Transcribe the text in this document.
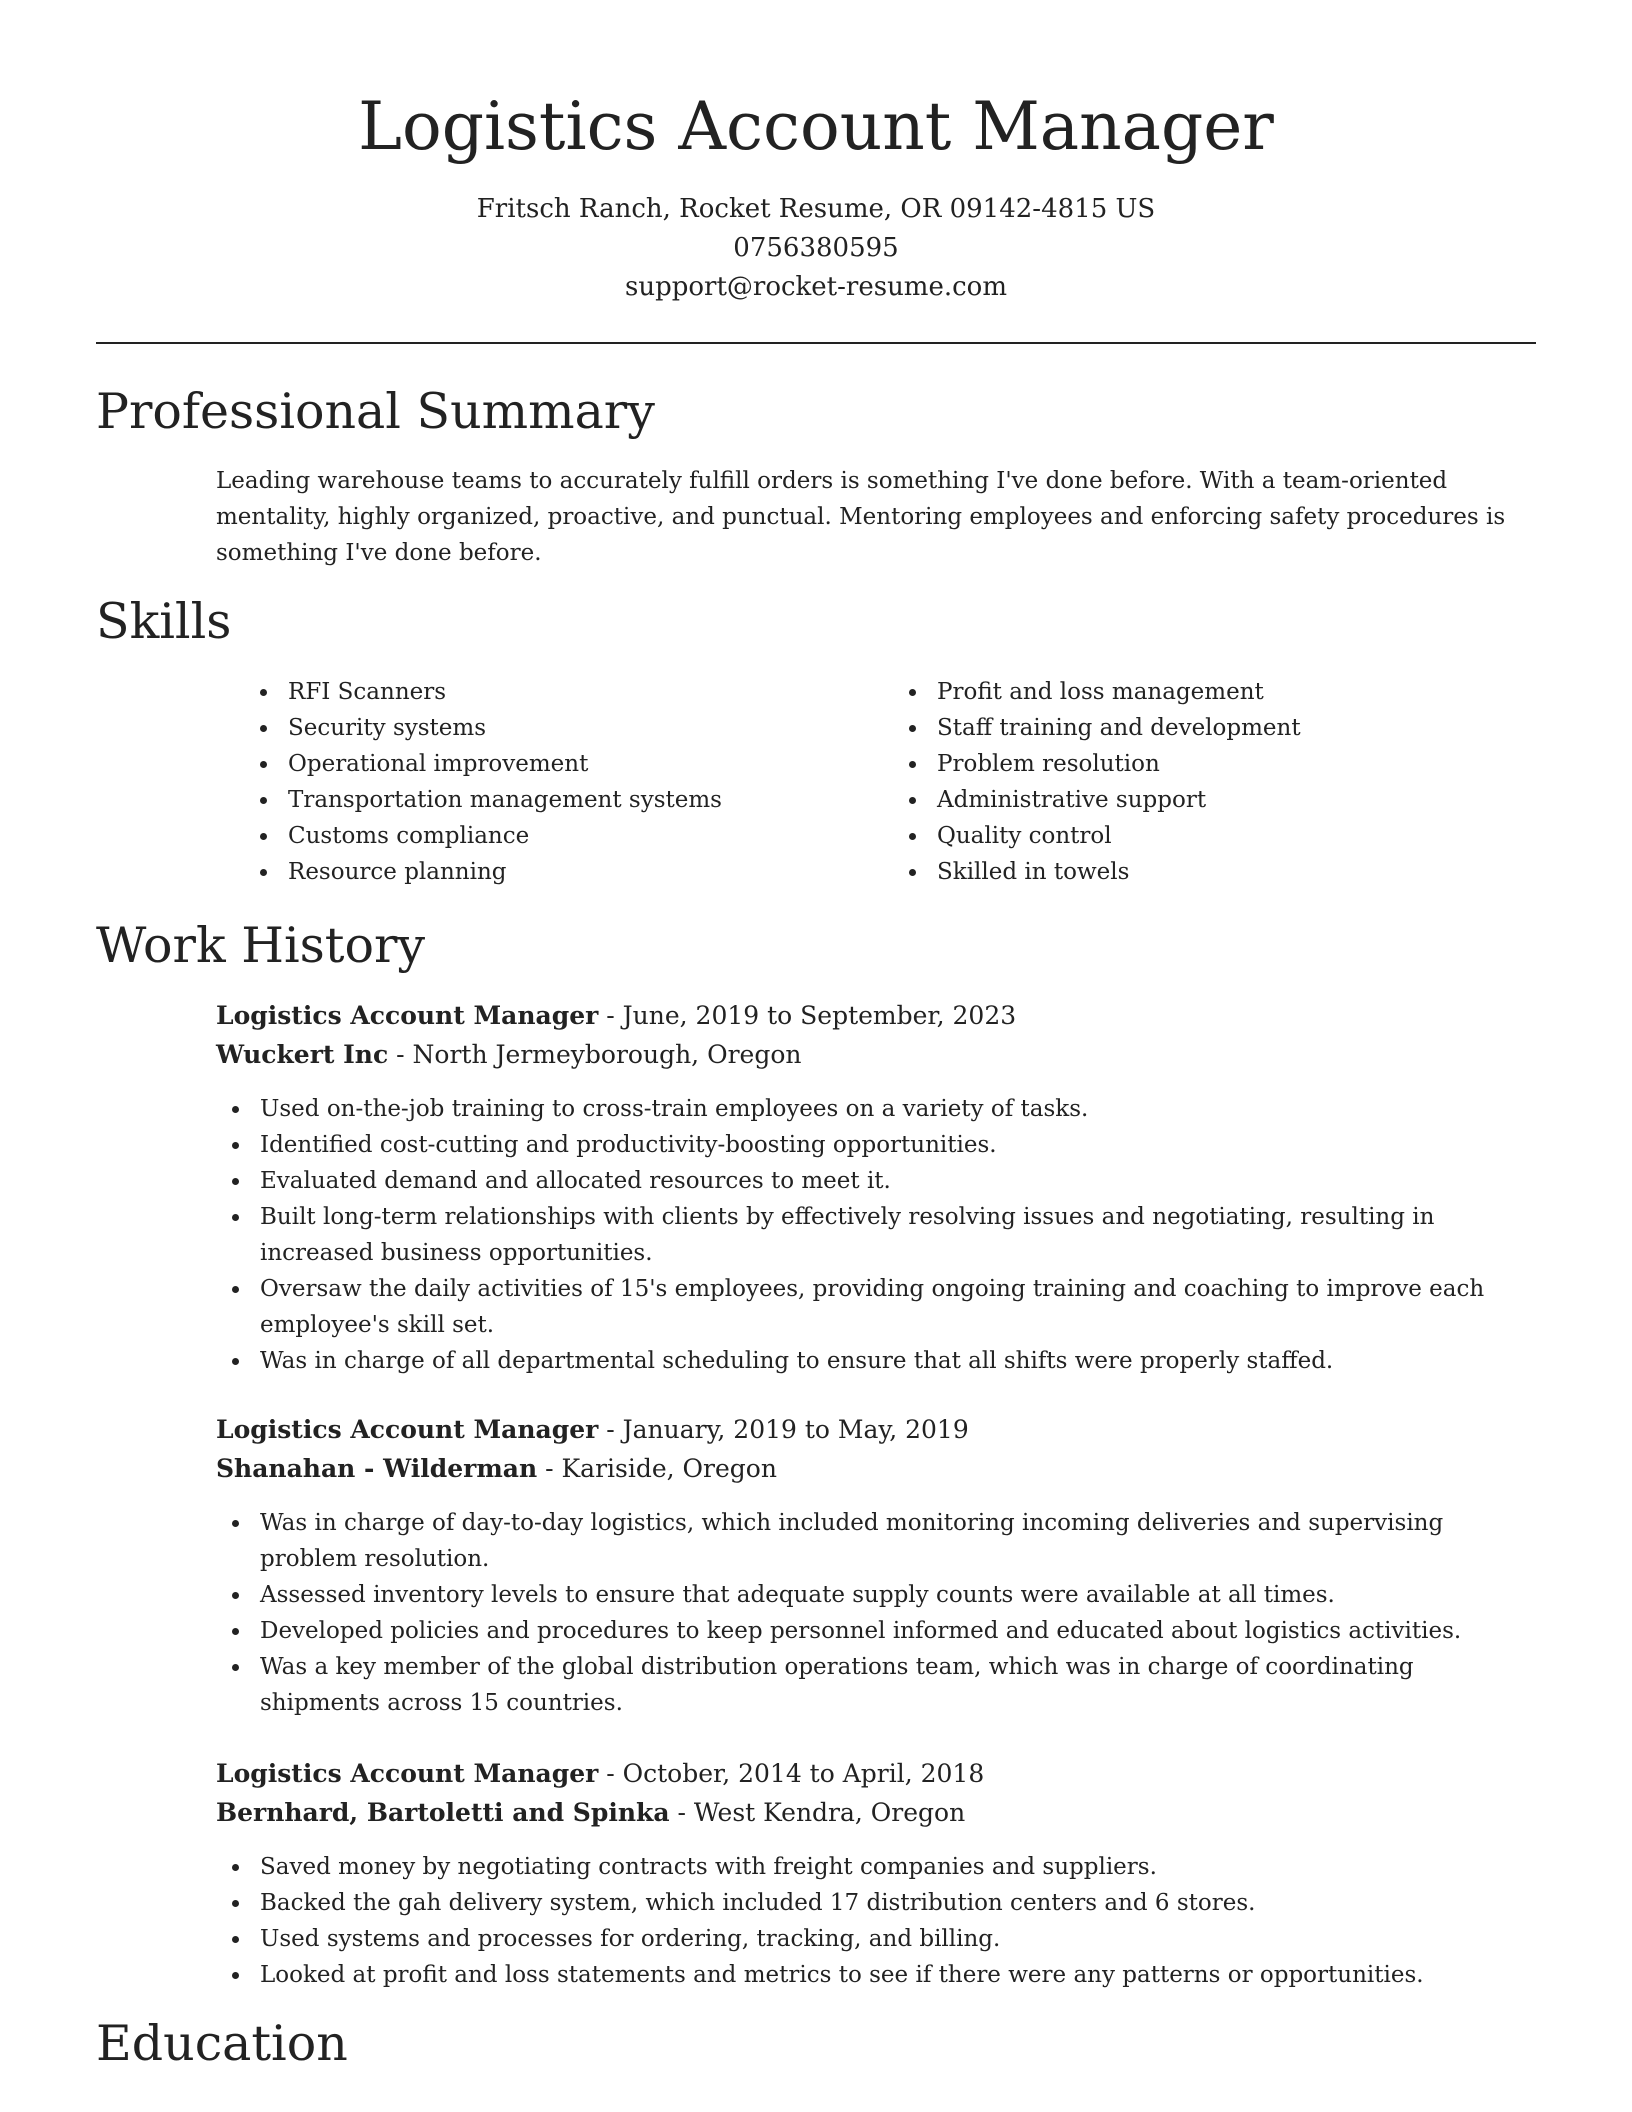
Logistics Account Manager
Fritsch Ranch, Rocket Resume, OR 09142-4815 US
0756380595
support@rocket-resume.com
Professional Summary

Leading warehouse teams to accurately fulfill orders is something I've done before. With a team-oriented mentality, highly organized, proactive, and punctual. Mentoring employees and enforcing safety procedures is something I've done before.

Skills
RFI Scanners
Security systems
Operational improvement
Transportation management systems
Customs compliance
Resource planning
Profit and loss management
Staff training and development
Problem resolution
Administrative support
Quality control
Skilled in towels
Work History
Logistics Account Manager - June, 2019 to September, 2023
Wuckert Inc - North Jermeyborough, Oregon
Used on-the-job training to cross-train employees on a variety of tasks.
Identified cost-cutting and productivity-boosting opportunities.
Evaluated demand and allocated resources to meet it.
Built long-term relationships with clients by effectively resolving issues and negotiating, resulting in increased business opportunities.
Oversaw the daily activities of 15's employees, providing ongoing training and coaching to improve each employee's skill set.
Was in charge of all departmental scheduling to ensure that all shifts were properly staffed.
Logistics Account Manager - January, 2019 to May, 2019
Shanahan - Wilderman - Kariside, Oregon
Was in charge of day-to-day logistics, which included monitoring incoming deliveries and supervising problem resolution.
Assessed inventory levels to ensure that adequate supply counts were available at all times.
Developed policies and procedures to keep personnel informed and educated about logistics activities.
Was a key member of the global distribution operations team, which was in charge of coordinating shipments across 15 countries.
Logistics Account Manager - October, 2014 to April, 2018
Bernhard, Bartoletti and Spinka - West Kendra, Oregon
Saved money by negotiating contracts with freight companies and suppliers.
Backed the gah delivery system, which included 17 distribution centers and 6 stores.
Used systems and processes for ordering, tracking, and billing.
Looked at profit and loss statements and metrics to see if there were any patterns or opportunities.
Education
